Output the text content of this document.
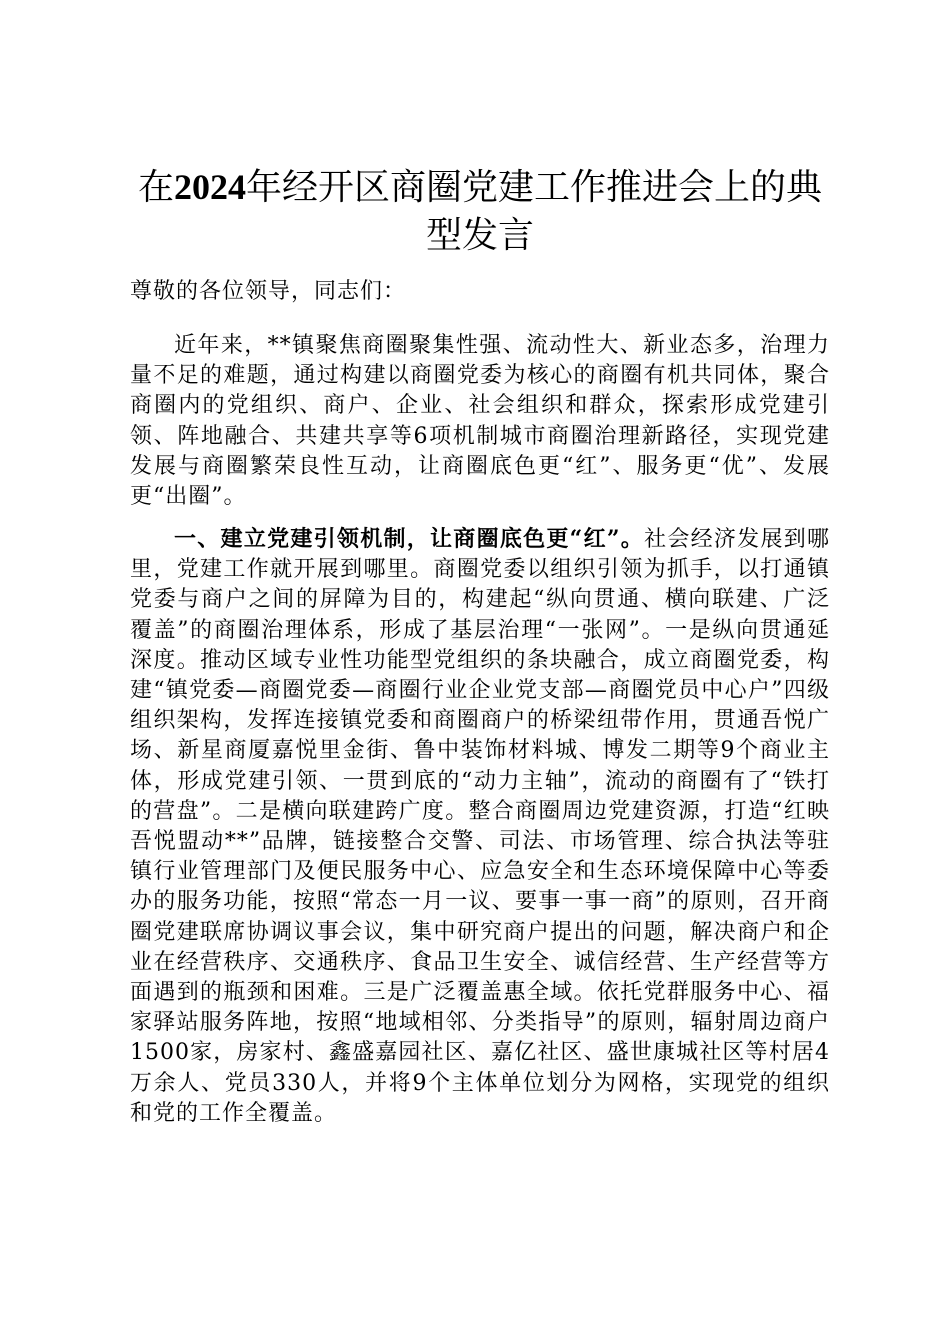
在2024年经开区商圈党建工作推进会上的典型发言

尊敬的各位领导，同志们：

近年来，**镇聚焦商圈聚集性强、流动性大、新业态多，治理力量不足的难题，通过构建以商圈党委为核心的商圈有机共同体，聚合商圈内的党组织、商户、企业、社会组织和群众，探索形成党建引领、阵地融合、共建共享等6项机制城市商圈治理新路径，实现党建发展与商圈繁荣良性互动，让商圈底色更“红”、服务更“优”、发展更“出圈”。

一、建立党建引领机制，让商圈底色更“红”。社会经济发展到哪里，党建工作就开展到哪里。商圈党委以组织引领为抓手，以打通镇党委与商户之间的屏障为目的，构建起“纵向贯通、横向联建、广泛覆盖”的商圈治理体系，形成了基层治理“一张网”。一是纵向贯通延深度。推动区域专业性功能型党组织的条块融合，成立商圈党委，构建“镇党委—商圈党委—商圈行业企业党支部—商圈党员中心户”四级组织架构，发挥连接镇党委和商圈商户的桥梁纽带作用，贯通吾悦广场、新星商厦嘉悦里金街、鲁中装饰材料城、博发二期等9个商业主体，形成党建引领、一贯到底的“动力主轴”，流动的商圈有了“铁打的营盘”。二是横向联建跨广度。整合商圈周边党建资源，打造“红映吾悦盟动**”品牌，链接整合交警、司法、市场管理、综合执法等驻镇行业管理部门及便民服务中心、应急安全和生态环境保障中心等委办的服务功能，按照“常态一月一议、要事一事一商”的原则，召开商圈党建联席协调议事会议，集中研究商户提出的问题，解决商户和企业在经营秩序、交通秩序、食品卫生安全、诚信经营、生产经营等方面遇到的瓶颈和困难。三是广泛覆盖惠全域。依托党群服务中心、福家驿站服务阵地，按照“地域相邻、分类指导”的原则，辐射周边商户1500家，房家村、鑫盛嘉园社区、嘉亿社区、盛世康城社区等村居4万余人、党员330人，并将9个主体单位划分为网格，实现党的组织和党的工作全覆盖。
